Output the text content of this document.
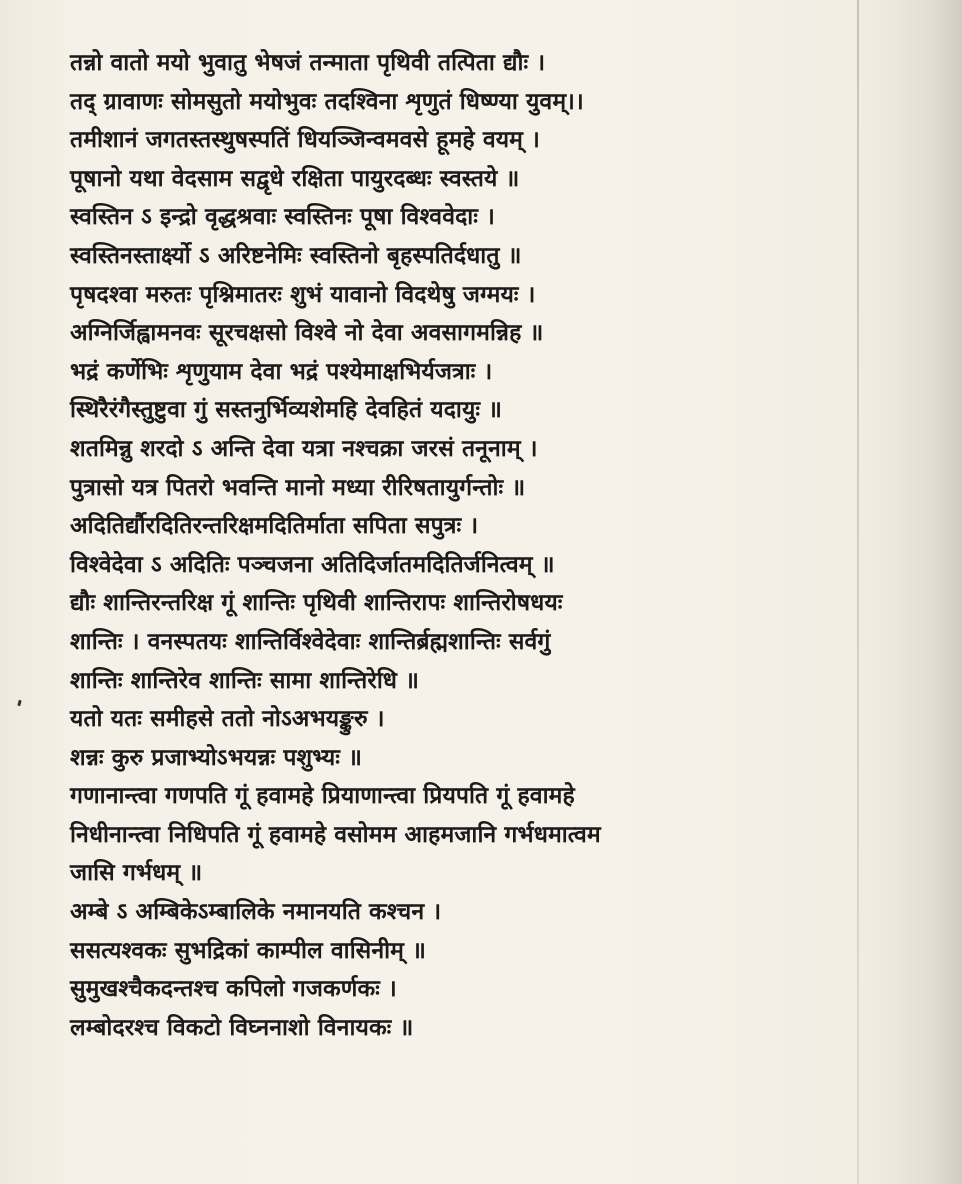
तन्नो वातो मयो भुवातु भेषजं तन्माता पृथिवी तत्पिता द्यौः ।
तद् ग्रावाणः सोमसुतो मयोभुवः तदश्विना शृणुतं धिष्ण्या युवम्।।
तमीशानं जगतस्तस्थुषस्पतिं धियञ्जिन्वमवसे हूमहे वयम् ।
पूषानो यथा वेदसाम सद्वृधे रक्षिता पायुरदब्धः स्वस्तये ॥
स्वस्तिन ऽ इन्द्रो वृद्धश्रवाः स्वस्तिनः पूषा विश्ववेदाः ।
स्वस्तिनस्तार्क्ष्यो ऽ अरिष्टनेमिः स्वस्तिनो बृहस्पतिर्दधातु ॥
पृषदश्वा मरुतः पृश्निमातरः शुभं यावानो विदथेषु जग्मयः ।
अग्निर्जिह्वामनवः सूरचक्षसो विश्वे नो देवा अवसागमन्निह ॥
भद्रं कर्णेभिः शृणुयाम देवा भद्रं पश्येमाक्षभिर्यजत्राः ।
स्थिरैरंगैस्तुष्टुवा गुं सस्तनुर्भिव्यशेमहि देवहितं यदायुः ॥
शतमिन्नु शरदो ऽ अन्ति देवा यत्रा नश्चक्रा जरसं तनूनाम् ।
पुत्रासो यत्र पितरो भवन्ति मानो मध्या रीरिषतायुर्गन्तोः ॥
अदितिर्द्यौरदितिरन्तरिक्षमदितिर्माता सपिता सपुत्रः ।
विश्वेदेवा ऽ अदितिः पञ्चजना अतिदिर्जातमदितिर्जनित्वम् ॥
द्यौः शान्तिरन्तरिक्ष गूं शान्तिः पृथिवी शान्तिरापः शान्तिरोषधयः
शान्तिः । वनस्पतयः शान्तिर्विश्वेदेवाः शान्तिर्ब्रह्मशान्तिः सर्वगुं
शान्तिः शान्तिरेव शान्तिः सामा शान्तिरेधि ॥
यतो यतः समीहसे ततो नोऽअभयङ्कुरु ।
शन्नः कुरु प्रजाभ्योऽभयन्नः पशुभ्यः ॥
गणानान्त्वा गणपति गूं हवामहे प्रियाणान्त्वा प्रियपति गूं हवामहे
निधीनान्त्वा निधिपति गूं हवामहे वसोमम आहमजानि गर्भधमात्वम
जासि गर्भधम् ॥
अम्बे ऽ अम्बिकेऽम्बालिके नमानयति कश्चन ।
ससत्यश्वकः सुभद्रिकां काम्पील वासिनीम् ॥
सुमुखश्चैकदन्तश्च कपिलो गजकर्णकः ।
लम्बोदरश्च विकटो विघ्ननाशो विनायकः ॥
